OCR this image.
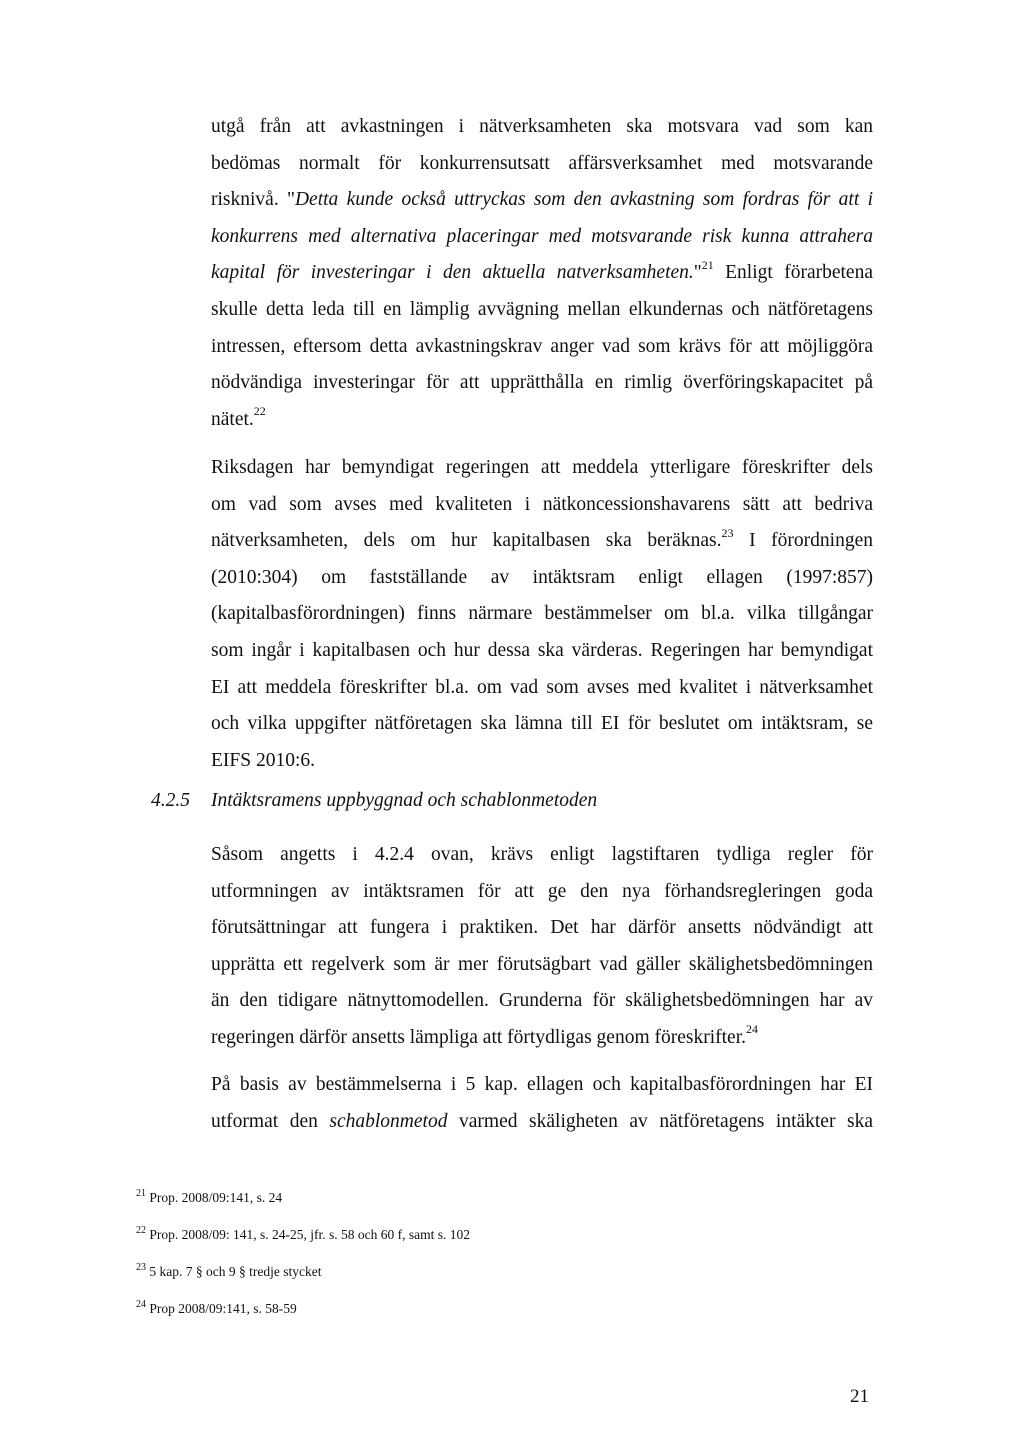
utgå från att avkastningen i nätverksamheten ska motsvara vad som kan
bedömas normalt för konkurrensutsatt affärsverksamhet med motsvarande
risknivå. "Detta kunde också uttryckas som den avkastning som fordras för att i
konkurrens med alternativa placeringar med motsvarande risk kunna attrahera
kapital för investeringar i den aktuella natverksamheten."$^{21}$ Enligt förarbetena
skulle detta leda till en lämplig avvägning mellan elkundernas och nätföretagens
intressen, eftersom detta avkastningskrav anger vad som krävs för att möjliggöra
nödvändiga investeringar för att upprätthålla en rimlig överföringskapacitet på
nätet.$^{22}$
Riksdagen har bemyndigat regeringen att meddela ytterligare föreskrifter dels
om vad som avses med kvaliteten i nätkoncessionshavarens sätt att bedriva
nätverksamheten, dels om hur kapitalbasen ska beräknas.$^{23}$ I förordningen
(2010:304) om fastställande av intäktsram enligt ellagen (1997:857)
(kapitalbasförordningen) finns närmare bestämmelser om bl.a. vilka tillgångar
som ingår i kapitalbasen och hur dessa ska värderas. Regeringen har bemyndigat
EI att meddela föreskrifter bl.a. om vad som avses med kvalitet i nätverksamhet
och vilka uppgifter nätföretagen ska lämna till EI för beslutet om intäktsram, se
EIFS 2010:6.
4.2.5 Intäktsramens uppbyggnad och schablonmetoden
Såsom angetts i 4.2.4 ovan, krävs enligt lagstiftaren tydliga regler för
utformningen av intäktsramen för att ge den nya förhandsregleringen goda
förutsättningar att fungera i praktiken. Det har därför ansetts nödvändigt att
upprätta ett regelverk som är mer förutsägbart vad gäller skälighetsbedömningen
än den tidigare nätnyttomodellen. Grunderna för skälighetsbedömningen har av
regeringen därför ansetts lämpliga att förtydligas genom föreskrifter.$^{24}$
På basis av bestämmelserna i 5 kap. ellagen och kapitalbasförordningen har EI
utformat den schablonmetod varmed skäligheten av nätföretagens intäkter ska
$^{21}$ Prop. 2008/09:141, s. 24
$^{22}$ Prop. 2008/09: 141, s. 24-25, jfr. s. 58 och 60 f, samt s. 102
$^{23}$ 5 kap. 7 § och 9 § tredje stycket
$^{24}$ Prop 2008/09:141, s. 58-59
21
